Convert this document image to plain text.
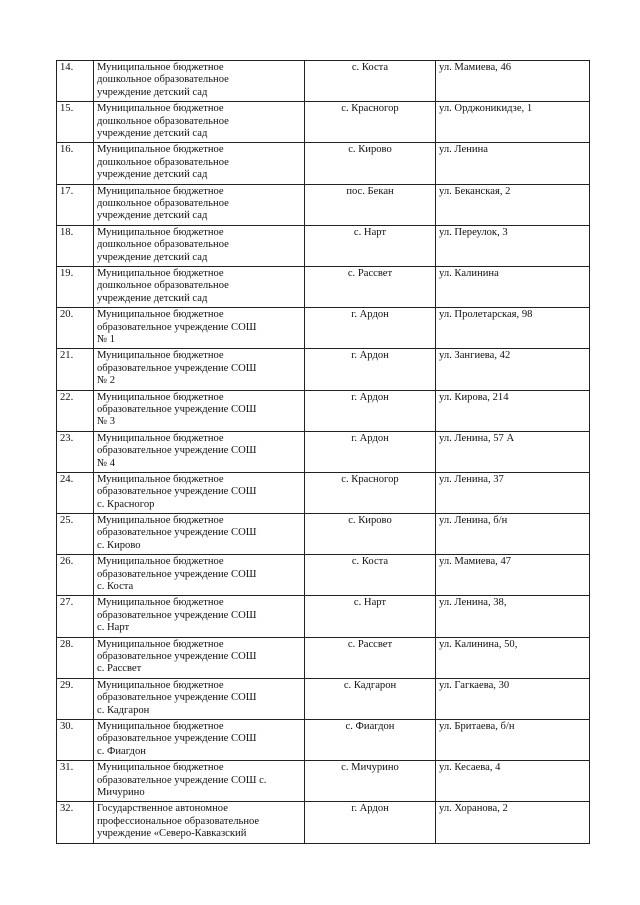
14.	Муниципальное бюджетное
дошкольное образовательное
учреждение детский сад	с. Коста	ул. Мамиева, 46
15.	Муниципальное бюджетное
дошкольное образовательное
учреждение детский сад	с. Красногор	ул. Орджоникидзе, 1
16.	Муниципальное бюджетное
дошкольное образовательное
учреждение детский сад	с. Кирово	ул. Ленина
17.	Муниципальное бюджетное
дошкольное образовательное
учреждение детский сад	пос. Бекан	ул. Беканская, 2
18.	Муниципальное бюджетное
дошкольное образовательное
учреждение детский сад	с. Нарт	ул. Переулок, 3
19.	Муниципальное бюджетное
дошкольное образовательное
учреждение детский сад	с. Рассвет	ул. Калинина
20.	Муниципальное бюджетное
образовательное учреждение СОШ
№ 1	г. Ардон	ул. Пролетарская, 98
21.	Муниципальное бюджетное
образовательное учреждение СОШ
№ 2	г. Ардон	ул. Зангиева, 42
22.	Муниципальное бюджетное
образовательное учреждение СОШ
№ 3	г. Ардон	ул. Кирова, 214
23.	Муниципальное бюджетное
образовательное учреждение СОШ
№ 4	г. Ардон	ул. Ленина, 57 А
24.	Муниципальное бюджетное
образовательное учреждение СОШ
с. Красногор	с. Красногор	ул. Ленина, 37
25.	Муниципальное бюджетное
образовательное учреждение СОШ
с. Кирово	с. Кирово	ул. Ленина, б/н
26.	Муниципальное бюджетное
образовательное учреждение СОШ
с. Коста	с. Коста	ул. Мамиева, 47
27.	Муниципальное бюджетное
образовательное учреждение СОШ
с. Нарт	с. Нарт	ул. Ленина, 38,
28.	Муниципальное бюджетное
образовательное учреждение СОШ
с. Рассвет	с. Рассвет	ул. Калинина, 50,
29.	Муниципальное бюджетное
образовательное учреждение СОШ
с. Кадгарон	с. Кадгарон	ул. Гагкаева, 30
30.	Муниципальное бюджетное
образовательное учреждение СОШ
с. Фиагдон	с. Фиагдон	ул. Бритаева, б/н
31.	Муниципальное бюджетное
образовательное учреждение СОШ с.
Мичурино	с. Мичурино	ул. Кесаева, 4
32.	Государственное автономное
профессиональное образовательное
учреждение «Северо-Кавказский	г. Ардон	ул. Хоранова, 2
